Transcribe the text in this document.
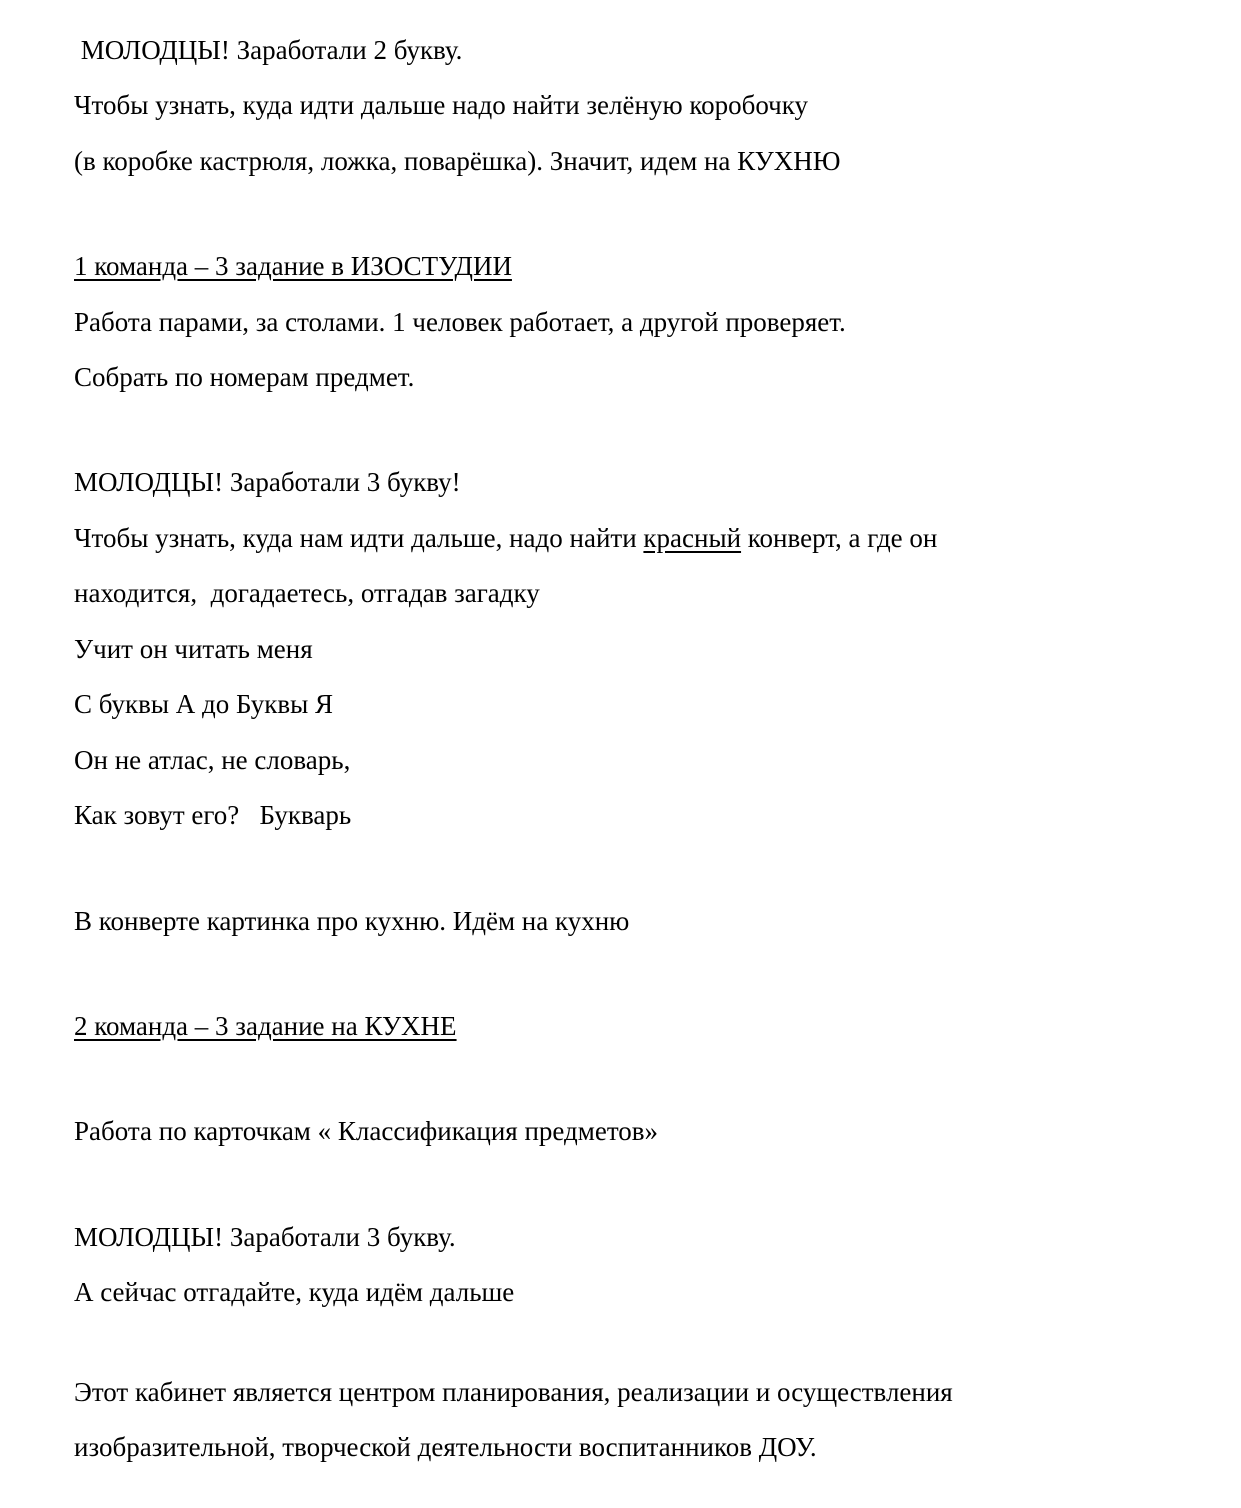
МОЛОДЦЫ! Заработали 2 букву.
Чтобы узнать, куда идти дальше надо найти зелёную коробочку
(в коробке кастрюля, ложка, поварёшка). Значит, идем на КУХНЮ
1 команда – 3 задание в ИЗОСТУДИИ
Работа парами, за столами. 1 человек работает, а другой проверяет.
Собрать по номерам предмет.
МОЛОДЦЫ! Заработали 3 букву!
Чтобы узнать, куда нам идти дальше, надо найти красный конверт, а где он
находится,  догадаетесь, отгадав загадку
Учит он читать меня
С буквы А до Буквы Я
Он не атлас, не словарь,
Как зовут его?   Букварь
В конверте картинка про кухню. Идём на кухню
2 команда – 3 задание на КУХНЕ
Работа по карточкам « Классификация предметов»
МОЛОДЦЫ! Заработали 3 букву.
А сейчас отгадайте, куда идём дальше
Этот кабинет является центром планирования, реализации и осуществления
изобразительной, творческой деятельности воспитанников ДОУ.
